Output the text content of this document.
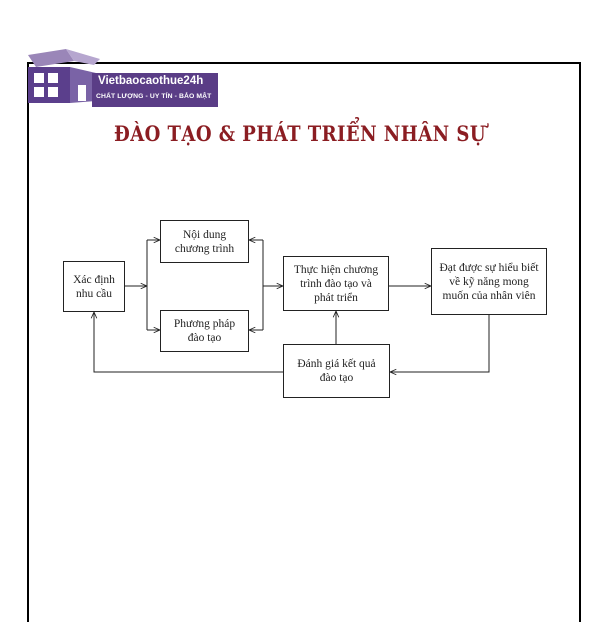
Vietbaocaothue24h
CHẤT LƯỢNG - UY TÍN - BẢO MẬT
ĐÀO TẠO & PHÁT TRIỂN NHÂN SỰ
Xác định nhu cầu
Nội dung chương trình
Phương pháp đào tạo
Thực hiện chương trình đào tạo và phát triển
Đạt được sự hiểu biết về kỹ năng mong muốn của nhân viên
Đánh giá kết quả đào tạo
